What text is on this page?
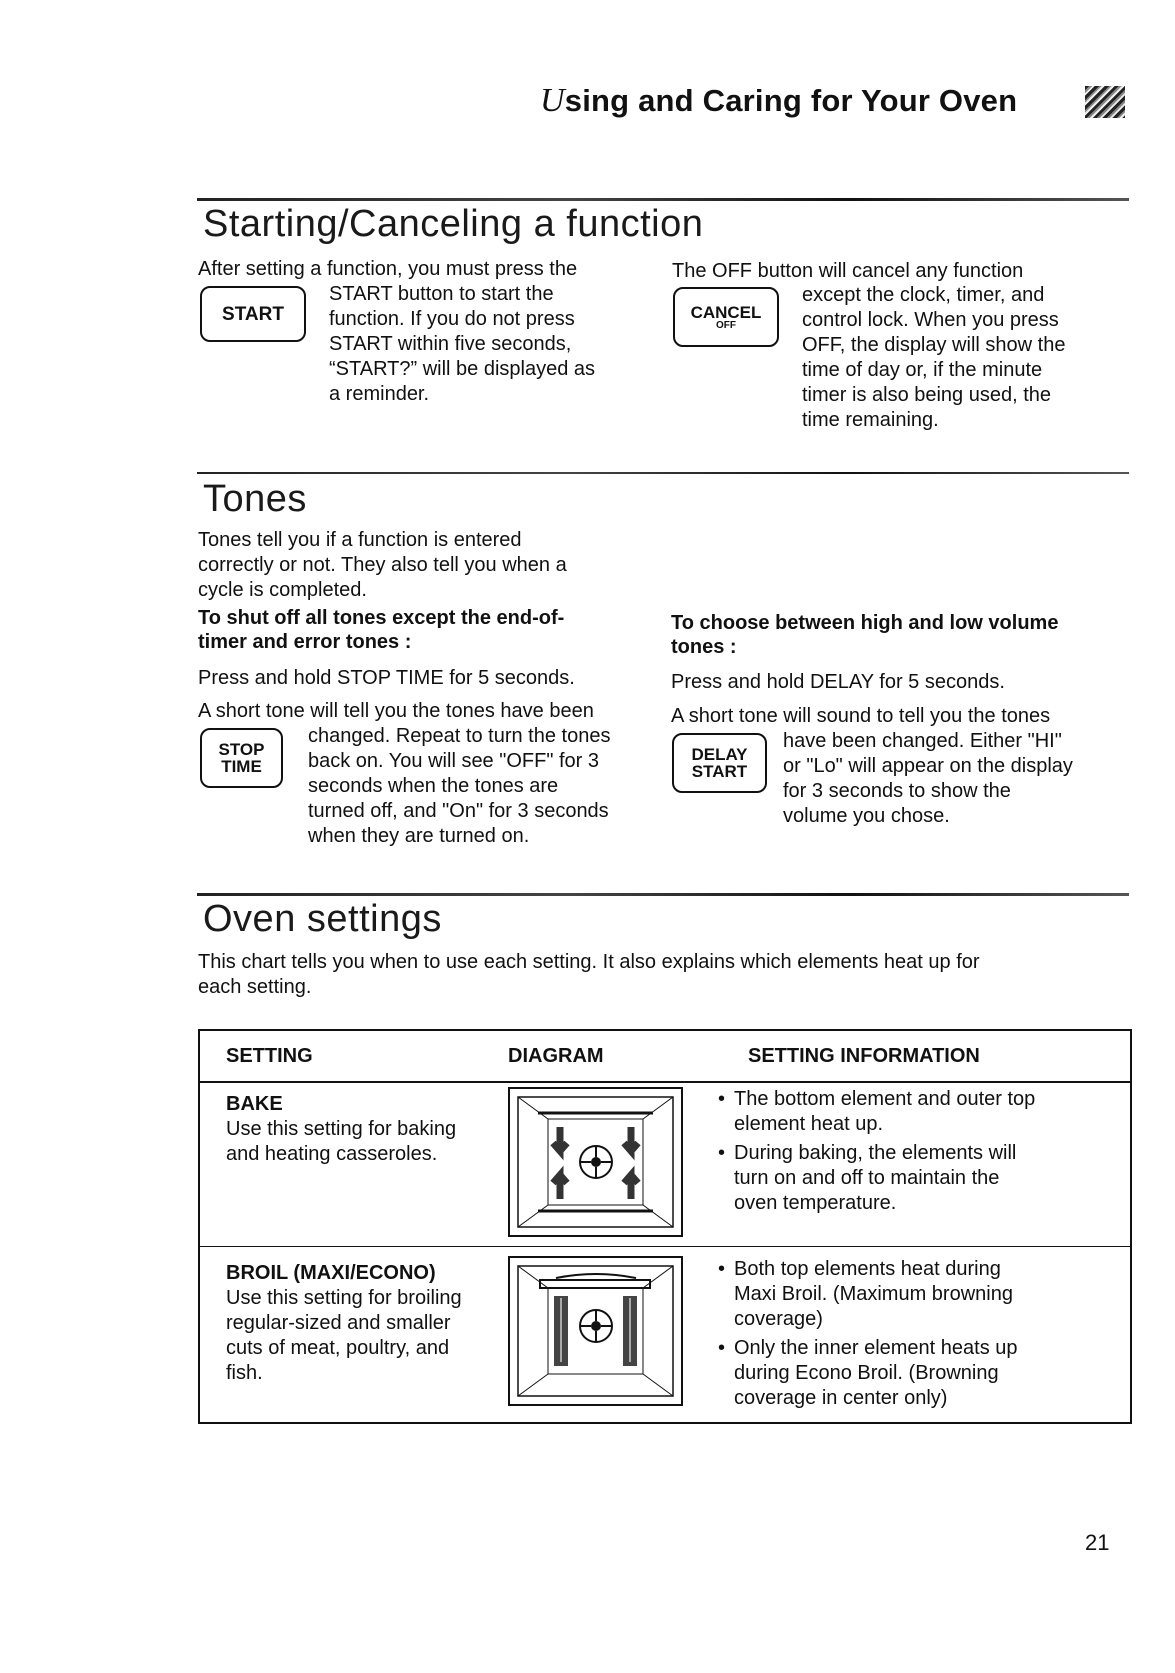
Using and Caring for Your Oven
Starting/Canceling a function
After setting a function, you must press the
START
START button to start the
function. If you do not press
START within five seconds,
“START?” will be displayed as
a reminder.
The OFF button will cancel any function
CANCEL
OFF
except the clock, timer, and
control lock. When you press
OFF, the display will show the
time of day or, if the minute
timer is also being used, the
time remaining.
Tones
Tones tell you if a function is entered
correctly or not. They also tell you when a
cycle is completed.
To shut off all tones except the end-of-
timer and error tones :
Press and hold STOP TIME for 5 seconds.
A short tone will tell you the tones have been
STOP
TIME
changed. Repeat to turn the tones
back on. You will see "OFF" for 3
seconds when the tones are
turned off, and "On" for 3 seconds
when they are turned on.
To choose between high and low volume
tones :
Press and hold DELAY for 5 seconds.
A short tone will sound to tell you the tones
DELAY
START
have been changed. Either "HI"
or "Lo" will appear on the display
for 3 seconds to show the
volume you chose.
Oven settings
This chart tells you when to use each setting. It also explains which elements heat up for
each setting.
SETTING	DIAGRAM	SETTING INFORMATION
BAKE
Use this setting for baking
and heating casseroles.
• The bottom element and outer top
element heat up.
• During baking, the elements will
turn on and off to maintain the
oven temperature.
BROIL (MAXI/ECONO)
Use this setting for broiling
regular-sized and smaller
cuts of meat, poultry, and
fish.
• Both top elements heat during
Maxi Broil. (Maximum browning
coverage)
• Only the inner element heats up
during Econo Broil. (Browning
coverage in center only)
21
